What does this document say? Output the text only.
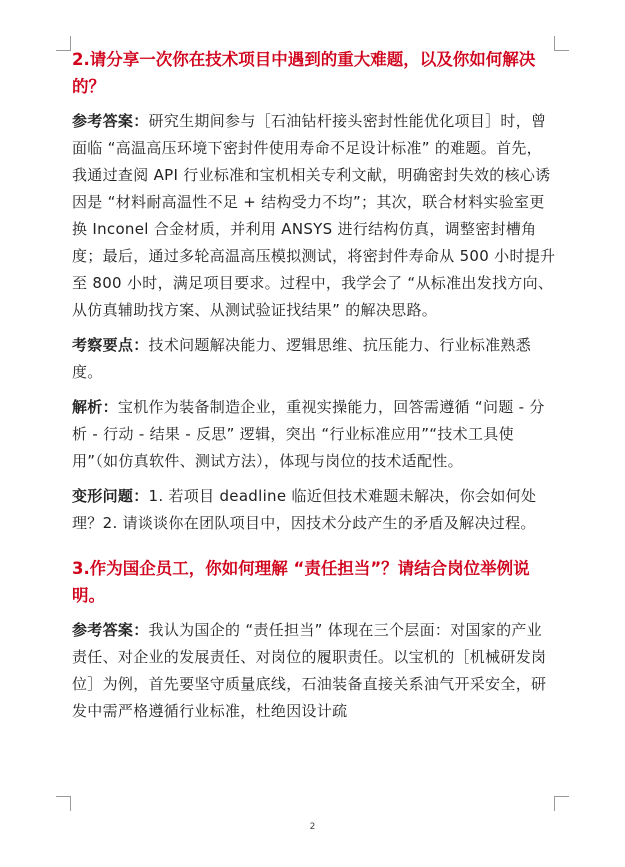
2.请分享一次你在技术项目中遇到的重大难题，以及你如何解决的？
参考答案：研究生期间参与［石油钻杆接头密封性能优化项目］时，曾面临 “高温高压环境下密封件使用寿命不足设计标准” 的难题。首先，我通过查阅 API 行业标准和宝机相关专利文献，明确密封失效的核心诱因是 “材料耐高温性不足 + 结构受力不均”；其次，联合材料实验室更换 Inconel 合金材质，并利用 ANSYS 进行结构仿真，调整密封槽角度；最后，通过多轮高温高压模拟测试，将密封件寿命从 500 小时提升至 800 小时，满足项目要求。过程中，我学会了 “从标准出发找方向、从仿真辅助找方案、从测试验证找结果” 的解决思路。
考察要点：技术问题解决能力、逻辑思维、抗压能力、行业标准熟悉度。
解析：宝机作为装备制造企业，重视实操能力，回答需遵循 “问题 - 分析 - 行动 - 结果 - 反思” 逻辑，突出 “行业标准应用”“技术工具使用”（如仿真软件、测试方法），体现与岗位的技术适配性。
变形问题：1. 若项目 deadline 临近但技术难题未解决，你会如何处理？2. 请谈谈你在团队项目中，因技术分歧产生的矛盾及解决过程。
3.作为国企员工，你如何理解 “责任担当”？请结合岗位举例说明。
参考答案：我认为国企的 “责任担当” 体现在三个层面：对国家的产业责任、对企业的发展责任、对岗位的履职责任。以宝机的［机械研发岗位］为例，首先要坚守质量底线，石油装备直接关系油气开采安全，研发中需严格遵循行业标准，杜绝因设计疏
2
